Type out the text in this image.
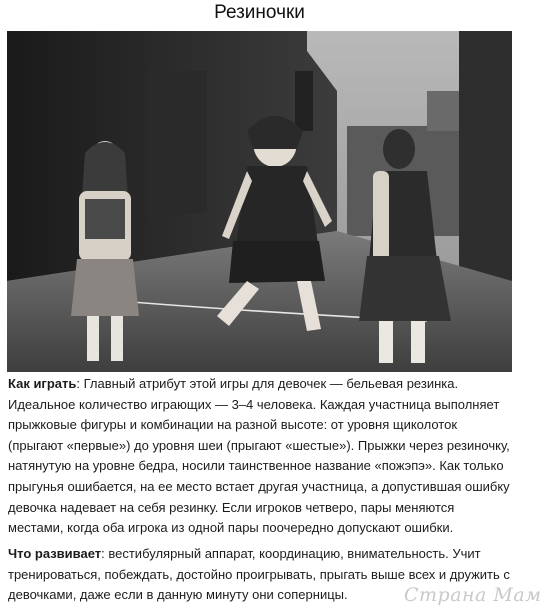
Резиночки
Как играть: Главный атрибут этой игры для девочек — бельевая резинка. Идеальное количество играющих — 3–4 человека. Каждая участница выполняет прыжковые фигуры и комбинации на разной высоте: от уровня щиколоток (прыгают «первые») до уровня шеи (прыгают «шестые»). Прыжки через резиночку, натянутую на уровне бедра, носили таинственное название «пожэпэ». Как только прыгунья ошибается, на ее место встает другая участница, а допустившая ошибку девочка надевает на себя резинку. Если игроков четверо, пары меняются местами, когда оба игрока из одной пары поочередно допускают ошибки.
Что развивает: вестибулярный аппарат, координацию, внимательность. Учит тренироваться, побеждать, достойно проигрывать, прыгать выше всех и дружить с девочками, даже если в данную минуту они соперницы.	Страна Мам
